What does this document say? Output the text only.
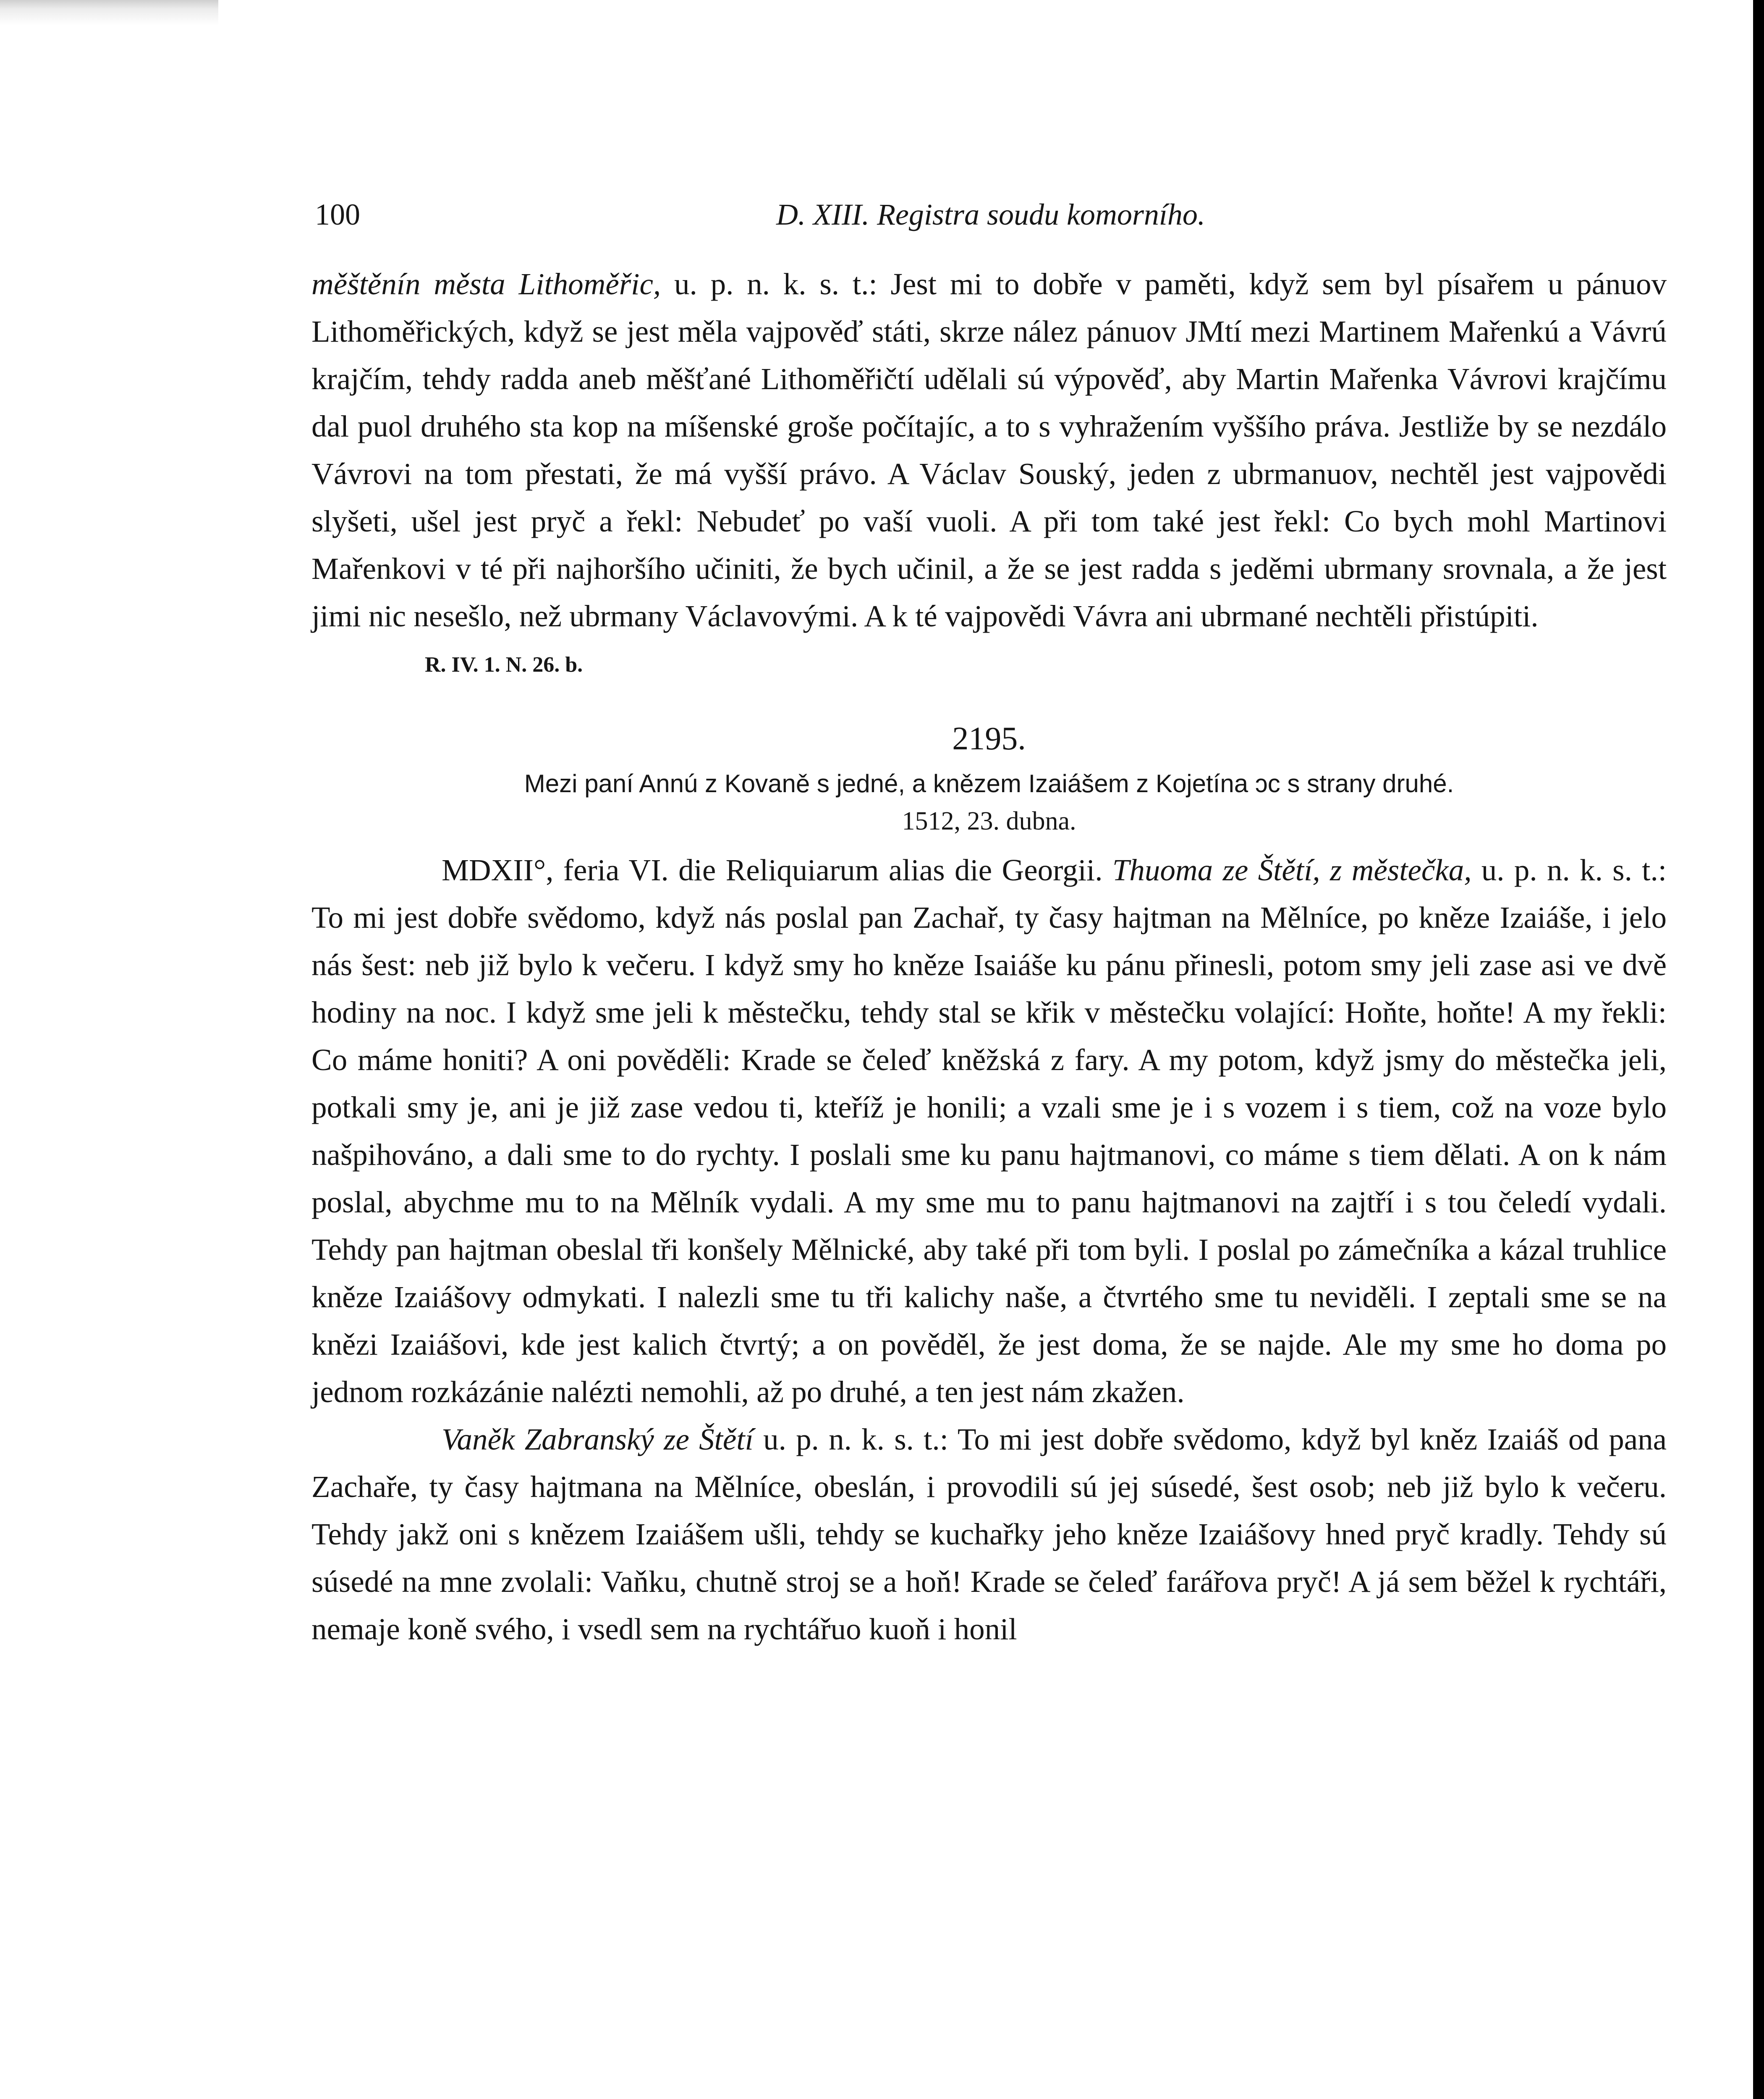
100	D. XIII. Registra soudu komorního.

měštěnín města Lithoměřic, u. p. n. k. s. t.: Jest mi to dobře v paměti, když sem byl písařem u pánuov Lithoměřických, když se jest měla vajpověď státi, skrze nález pánuov JMtí mezi Martinem Mařenkú a Vávrú krajčím, tehdy radda aneb měšťané Lithoměřičtí udělali sú výpověď, aby Martin Mařenka Vávrovi krajčímu dal puol druhého sta kop na míšenské groše počítajíc, a to s vyhražením vyššího práva. Jestliže by se nezdálo Vávrovi na tom přestati, že má vyšší právo. A Václav Souský, jeden z ubrmanuov, nechtěl jest vajpovědi slyšeti, ušel jest pryč a řekl: Nebudeť po vaší vuoli. A při tom také jest řekl: Co bych mohl Martinovi Mařenkovi v té při najhoršího učiniti, že bych učinil, a že se jest radda s jeděmi ubrmany srovnala, a že jest jimi nic nesešlo, než ubrmany Václavovými. A k té vajpovědi Vávra ani ubrmané nechtěli přistúpiti.

R. IV. 1. N. 26. b.
2195.
Mezi paní Annú z Kovaně s jedné, a knězem Izaiášem z Kojetína ɔc s strany druhé.
1512, 23. dubna.

MDXII°, feria VI. die Reliquiarum alias die Georgii. Thuoma ze Štětí, z městečka, u. p. n. k. s. t.: To mi jest dobře svědomo, když nás poslal pan Zachař, ty časy hajtman na Mělníce, po kněze Izaiáše, i jelo nás šest: neb již bylo k večeru. I když smy ho kněze Isaiáše ku pánu přinesli, potom smy jeli zase asi ve dvě hodiny na noc. I když sme jeli k městečku, tehdy stal se křik v městečku volající: Hoňte, hoňte! A my řekli: Co máme honiti? A oni pověděli: Krade se čeleď kněžská z fary. A my potom, když jsmy do městečka jeli, potkali smy je, ani je již zase vedou ti, kteříž je honili; a vzali sme je i s vozem i s tiem, což na voze bylo našpihováno, a dali sme to do rychty. I poslali sme ku panu hajtmanovi, co máme s tiem dělati. A on k nám poslal, abychme mu to na Mělník vydali. A my sme mu to panu hajtmanovi na zajtří i s tou čeledí vydali. Tehdy pan hajtman obeslal tři konšely Mělnické, aby také při tom byli. I poslal po zámečníka a kázal truhlice kněze Izaiášovy odmykati. I nalezli sme tu tři kalichy naše, a čtvrtého sme tu neviděli. I zeptali sme se na knězi Izaiášovi, kde jest kalich čtvrtý; a on pověděl, že jest doma, že se najde. Ale my sme ho doma po jednom rozkázánie nalézti nemohli, až po druhé, a ten jest nám zkažen.

Vaněk Zabranský ze Štětí u. p. n. k. s. t.: To mi jest dobře svědomo, když byl kněz Izaiáš od pana Zachaře, ty časy hajtmana na Mělníce, obeslán, i provodili sú jej súsedé, šest osob; neb již bylo k večeru. Tehdy jakž oni s knězem Izaiášem ušli, tehdy se kuchařky jeho kněze Izaiášovy hned pryč kradly. Tehdy sú súsedé na mne zvolali: Vaňku, chutně stroj se a hoň! Krade se čeleď farářova pryč! A já sem běžel k rychtáři, nemaje koně svého, i vsedl sem na rychtářuo kuoň i honil
